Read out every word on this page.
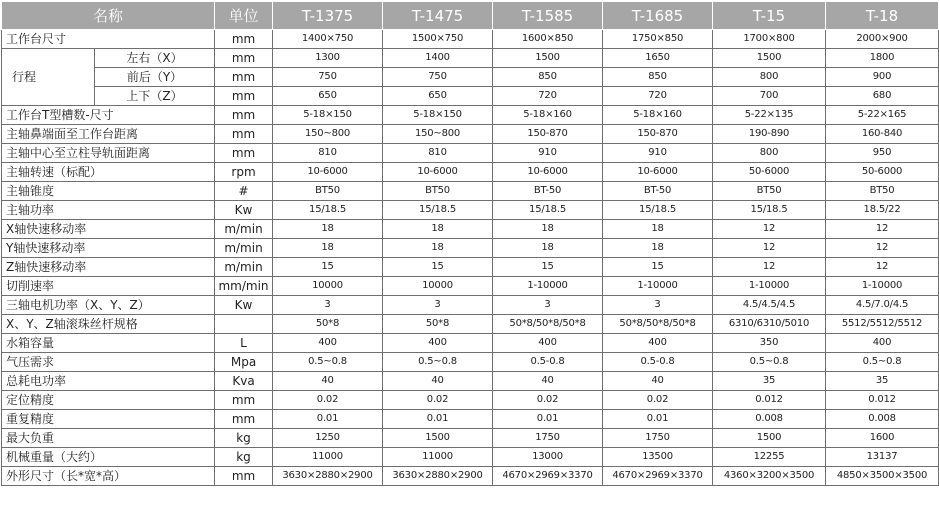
名称		单位	T-1375	T-1475	T-1585	T-1685	T-15	T-18
工作台尺寸		mm	1400×750	1500×750	1600×850	1750×850	1700×800	2000×900
行程	左右（X）	mm	1300	1400	1500	1650	1500	1800
	前后（Y）	mm	750	750	850	850	800	900
	上下（Z）	mm	650	650	720	720	700	680
工作台T型槽数-尺寸		mm	5-18×150	5-18×150	5-18×160	5-18×160	5-22×135	5-22×165
主轴鼻端面至工作台距离		mm	150~800	150~800	150-870	150-870	190-890	160-840
主轴中心至立柱导轨面距离		mm	810	810	910	910	800	950
主轴转速（标配）		rpm	10-6000	10-6000	10-6000	10-6000	50-6000	50-6000
主轴锥度		#	BT50	BT50	BT-50	BT-50	BT50	BT50
主轴功率		Kw	15/18.5	15/18.5	15/18.5	15/18.5	15/18.5	18.5/22
X轴快速移动率		m/min	18	18	18	18	12	12
Y轴快速移动率		m/min	18	18	18	18	12	12
Z轴快速移动率		m/min	15	15	15	15	12	12
切削速率		mm/min	10000	10000	1-10000	1-10000	1-10000	1-10000
三轴电机功率（X、Y、Z）		Kw	3	3	3	3	4.5/4.5/4.5	4.5/7.0/4.5
X、Y、Z轴滚珠丝杆规格			50*8	50*8	50*8/50*8/50*8	50*8/50*8/50*8	6310/6310/5010	5512/5512/5512
水箱容量		L	400	400	400	400	350	400
气压需求		Mpa	0.5~0.8	0.5~0.8	0.5-0.8	0.5-0.8	0.5~0.8	0.5~0.8
总耗电功率		Kva	40	40	40	40	35	35
定位精度		mm	0.02	0.02	0.02	0.02	0.012	0.012
重复精度		mm	0.01	0.01	0.01	0.01	0.008	0.008
最大负重		kg	1250	1500	1750	1750	1500	1600
机械重量（大约）		kg	11000	11000	13000	13500	12255	13137
外形尺寸（长*宽*高）		mm	3630×2880×2900	3630×2880×2900	4670×2969×3370	4670×2969×3370	4360×3200×3500	4850×3500×3500
